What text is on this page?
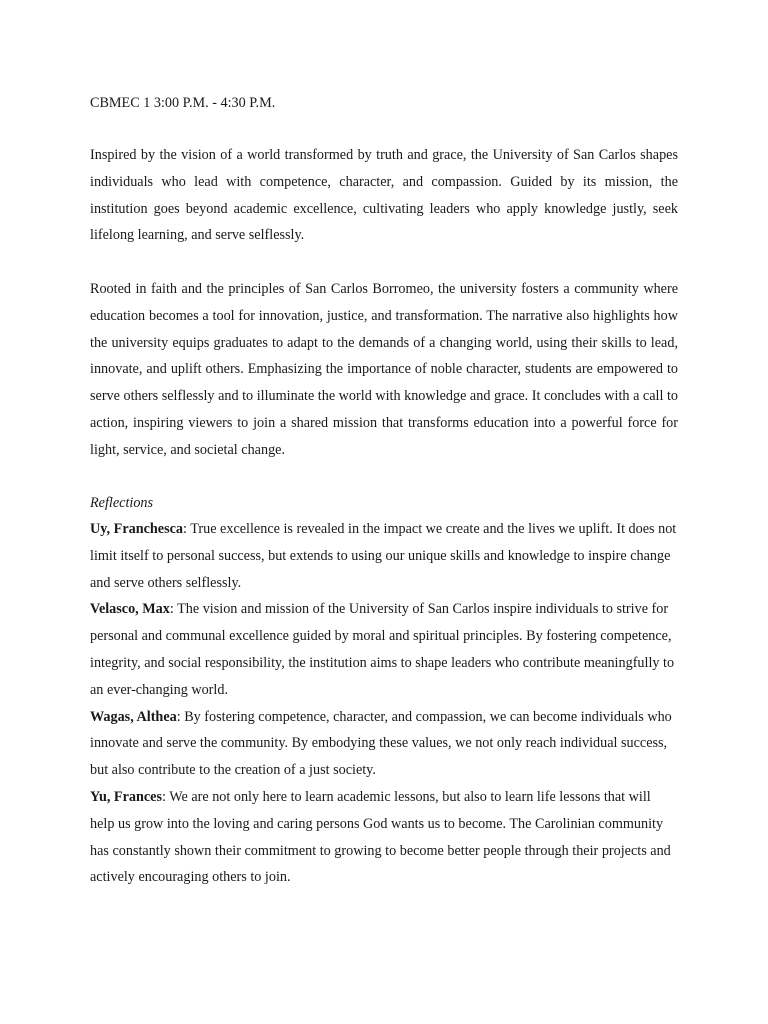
CBMEC 1 3:00 P.M. - 4:30 P.M.

Inspired by the vision of a world transformed by truth and grace, the University of San Carlos shapes individuals who lead with competence, character, and compassion. Guided by its mission, the institution goes beyond academic excellence, cultivating leaders who apply knowledge justly, seek lifelong learning, and serve selflessly.

Rooted in faith and the principles of San Carlos Borromeo, the university fosters a community where education becomes a tool for innovation, justice, and transformation. The narrative also highlights how the university equips graduates to adapt to the demands of a changing world, using their skills to lead, innovate, and uplift others. Emphasizing the importance of noble character, students are empowered to serve others selflessly and to illuminate the world with knowledge and grace. It concludes with a call to action, inspiring viewers to join a shared mission that transforms education into a powerful force for light, service, and societal change.

Reflections

Uy, Franchesca: True excellence is revealed in the impact we create and the lives we uplift. It does not limit itself to personal success, but extends to using our unique skills and knowledge to inspire change and serve others selflessly.

Velasco, Max: The vision and mission of the University of San Carlos inspire individuals to strive for personal and communal excellence guided by moral and spiritual principles. By fostering competence, integrity, and social responsibility, the institution aims to shape leaders who contribute meaningfully to an ever-changing world.

Wagas, Althea: By fostering competence, character, and compassion, we can become individuals who innovate and serve the community. By embodying these values, we not only reach individual success, but also contribute to the creation of a just society.

Yu, Frances: We are not only here to learn academic lessons, but also to learn life lessons that will help us grow into the loving and caring persons God wants us to become. The Carolinian community has constantly shown their commitment to growing to become better people through their projects and actively encouraging others to join.
